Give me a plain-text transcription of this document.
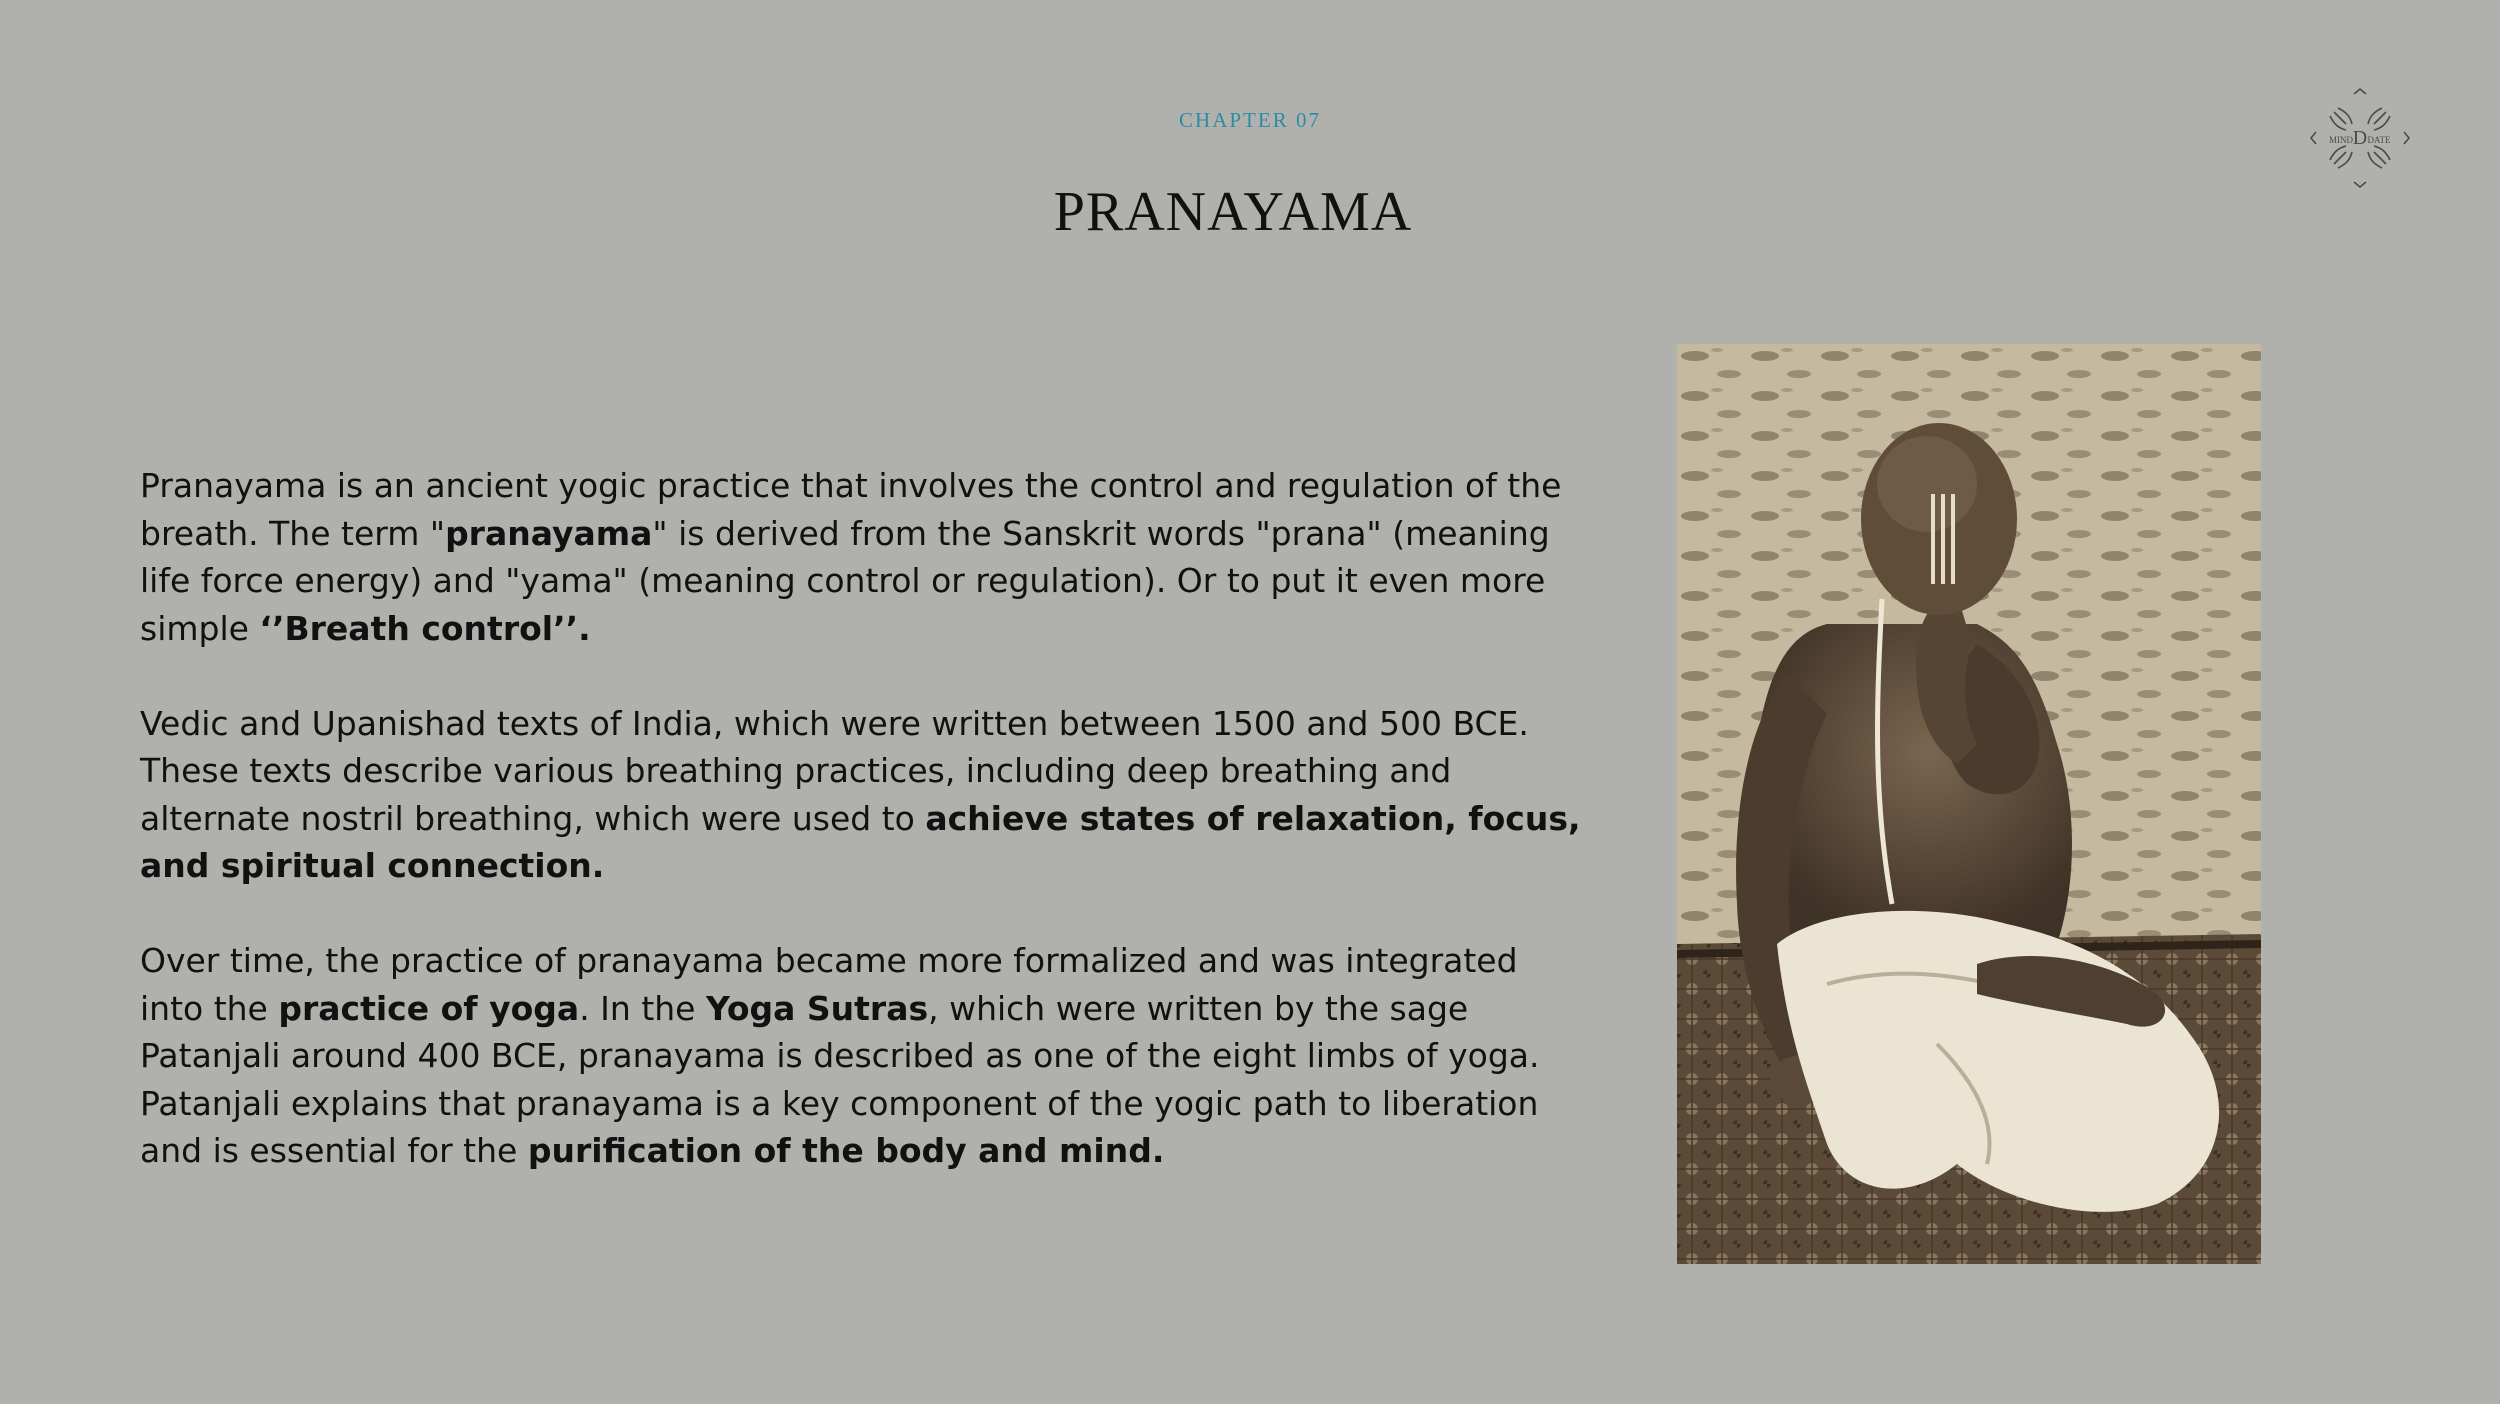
CHAPTER 07
PRANAYAMA
D
MIND DATE

Pranayama is an ancient yogic practice that involves the control and regulation of the breath. The term "pranayama" is derived from the Sanskrit words "prana" (meaning life force energy) and "yama" (meaning control or regulation). Or to put it even more simple ‘’Breath control’’.

Vedic and Upanishad texts of India, which were written between 1500 and 500 BCE. These texts describe various breathing practices, including deep breathing and alternate nostril breathing, which were used to achieve states of relaxation, focus, and spiritual connection.

Over time, the practice of pranayama became more formalized and was integrated into the practice of yoga. In the Yoga Sutras, which were written by the sage Patanjali around 400 BCE, pranayama is described as one of the eight limbs of yoga. Patanjali explains that pranayama is a key component of the yogic path to liberation and is essential for the purification of the body and mind.
